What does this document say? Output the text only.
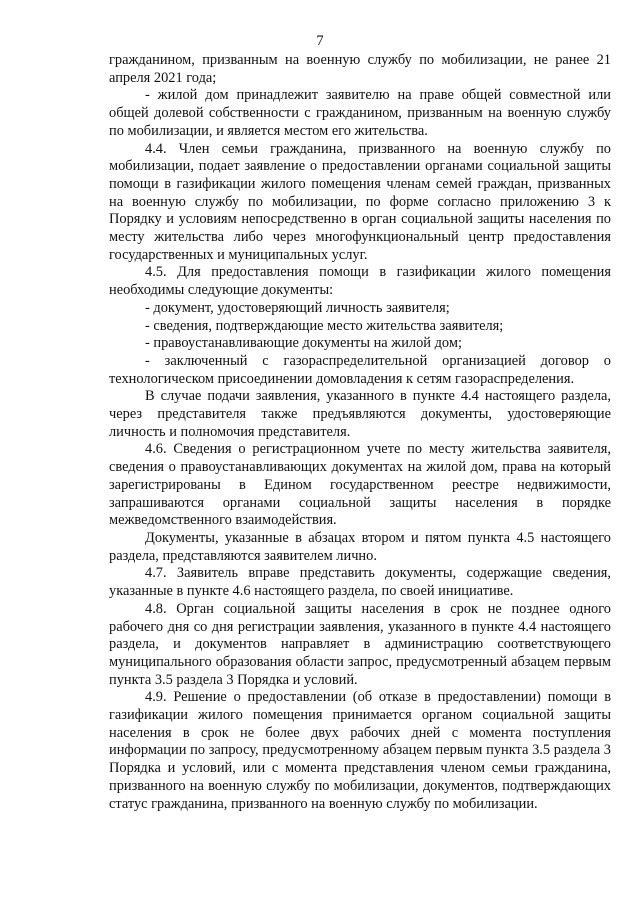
7

гражданином, призванным на военную службу по мобилизации, не ранее 21 апреля 2021 года;

- жилой дом принадлежит заявителю на праве общей совместной или общей долевой собственности с гражданином, призванным на военную службу по мобилизации, и является местом его жительства.

4.4. Член семьи гражданина, призванного на военную службу по мобилизации, подает заявление о предоставлении органами социальной защиты помощи в газификации жилого помещения членам семей граждан, призванных на военную службу по мобилизации, по форме согласно приложению 3 к Порядку и условиям непосредственно в орган социальной защиты населения по месту жительства либо через многофункциональный центр предоставления государственных и муниципальных услуг.

4.5. Для предоставления помощи в газификации жилого помещения необходимы следующие документы:

- документ, удостоверяющий личность заявителя;

- сведения, подтверждающие место жительства заявителя;

- правоустанавливающие документы на жилой дом;

- заключенный с газораспределительной организацией договор о технологическом присоединении домовладения к сетям газораспределения.

В случае подачи заявления, указанного в пункте 4.4 настоящего раздела, через представителя также предъявляются документы, удостоверяющие личность и полномочия представителя.

4.6. Сведения о регистрационном учете по месту жительства заявителя, сведения о правоустанавливающих документах на жилой дом, права на который зарегистрированы в Едином государственном реестре недвижимости, запрашиваются органами социальной защиты населения в порядке межведомственного взаимодействия.

Документы, указанные в абзацах втором и пятом пункта 4.5 настоящего раздела, представляются заявителем лично.

4.7. Заявитель вправе представить документы, содержащие сведения, указанные в пункте 4.6 настоящего раздела, по своей инициативе.

4.8. Орган социальной защиты населения в срок не позднее одного рабочего дня со дня регистрации заявления, указанного в пункте 4.4 настоящего раздела, и документов направляет в администрацию соответствующего муниципального образования области запрос, предусмотренный абзацем первым пункта 3.5 раздела 3 Порядка и условий.

4.9. Решение о предоставлении (об отказе в предоставлении) помощи в газификации жилого помещения принимается органом социальной защиты населения в срок не более двух рабочих дней с момента поступления информации по запросу, предусмотренному абзацем первым пункта 3.5 раздела 3 Порядка и условий, или с момента представления членом семьи гражданина, призванного на военную службу по мобилизации, документов, подтверждающих статус гражданина, призванного на военную службу по мобилизации.
